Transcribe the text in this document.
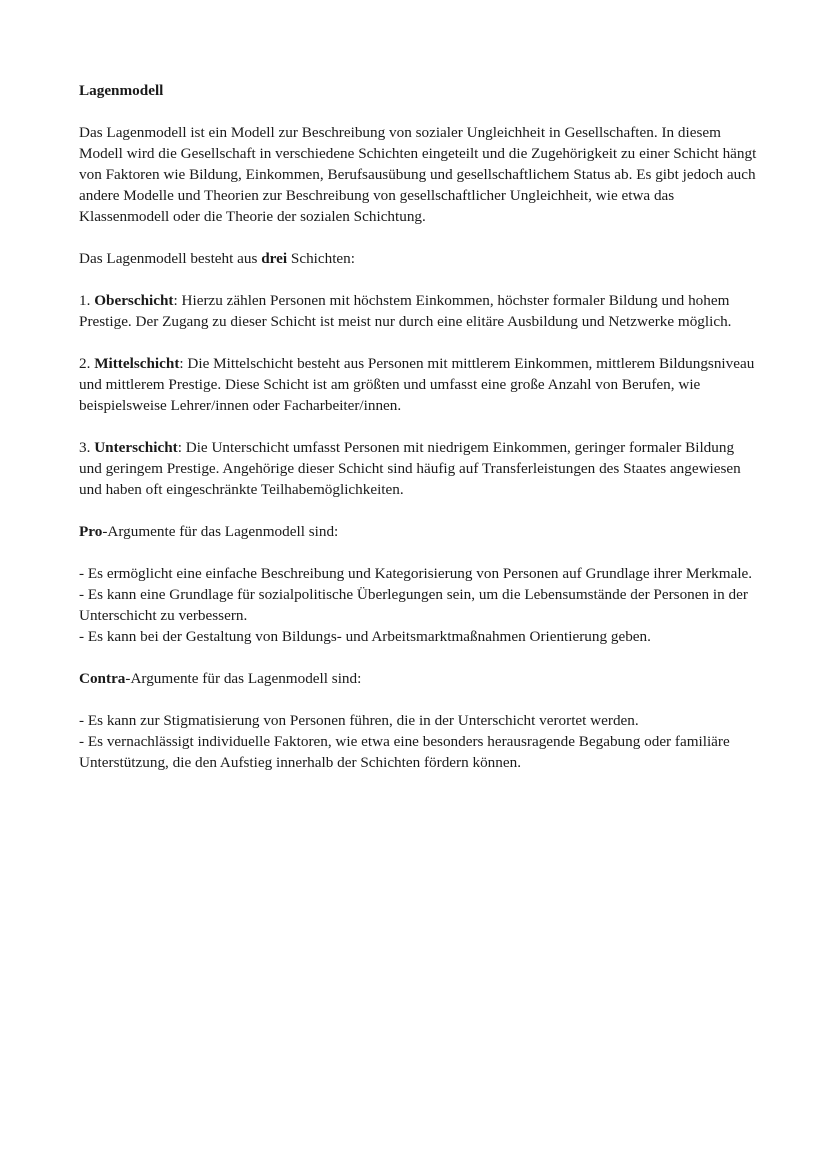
Lagenmodell

Das Lagenmodell ist ein Modell zur Beschreibung von sozialer Ungleichheit in Gesellschaften. In diesem Modell wird die Gesellschaft in verschiedene Schichten eingeteilt und die Zugehörigkeit zu einer Schicht hängt von Faktoren wie Bildung, Einkommen, Berufsausübung und gesellschaftlichem Status ab. Es gibt jedoch auch andere Modelle und Theorien zur Beschreibung von gesellschaftlicher Ungleichheit, wie etwa das Klassenmodell oder die Theorie der sozialen Schichtung.

Das Lagenmodell besteht aus drei Schichten:

1. Oberschicht: Hierzu zählen Personen mit höchstem Einkommen, höchster formaler Bildung und hohem Prestige. Der Zugang zu dieser Schicht ist meist nur durch eine elitäre Ausbildung und Netzwerke möglich.

2. Mittelschicht: Die Mittelschicht besteht aus Personen mit mittlerem Einkommen, mittlerem Bildungsniveau und mittlerem Prestige. Diese Schicht ist am größten und umfasst eine große Anzahl von Berufen, wie beispielsweise Lehrer/innen oder Facharbeiter/innen.

3. Unterschicht: Die Unterschicht umfasst Personen mit niedrigem Einkommen, geringer formaler Bildung und geringem Prestige. Angehörige dieser Schicht sind häufig auf Transferleistungen des Staates angewiesen und haben oft eingeschränkte Teilhabemöglichkeiten.

Pro-Argumente für das Lagenmodell sind:

- Es ermöglicht eine einfache Beschreibung und Kategorisierung von Personen auf Grundlage ihrer Merkmale.

- Es kann eine Grundlage für sozialpolitische Überlegungen sein, um die Lebensumstände der Personen in der Unterschicht zu verbessern.

- Es kann bei der Gestaltung von Bildungs- und Arbeitsmarktmaßnahmen Orientierung geben.

Contra-Argumente für das Lagenmodell sind:

- Es kann zur Stigmatisierung von Personen führen, die in der Unterschicht verortet werden.

- Es vernachlässigt individuelle Faktoren, wie etwa eine besonders herausragende Begabung oder familiäre Unterstützung, die den Aufstieg innerhalb der Schichten fördern können.
